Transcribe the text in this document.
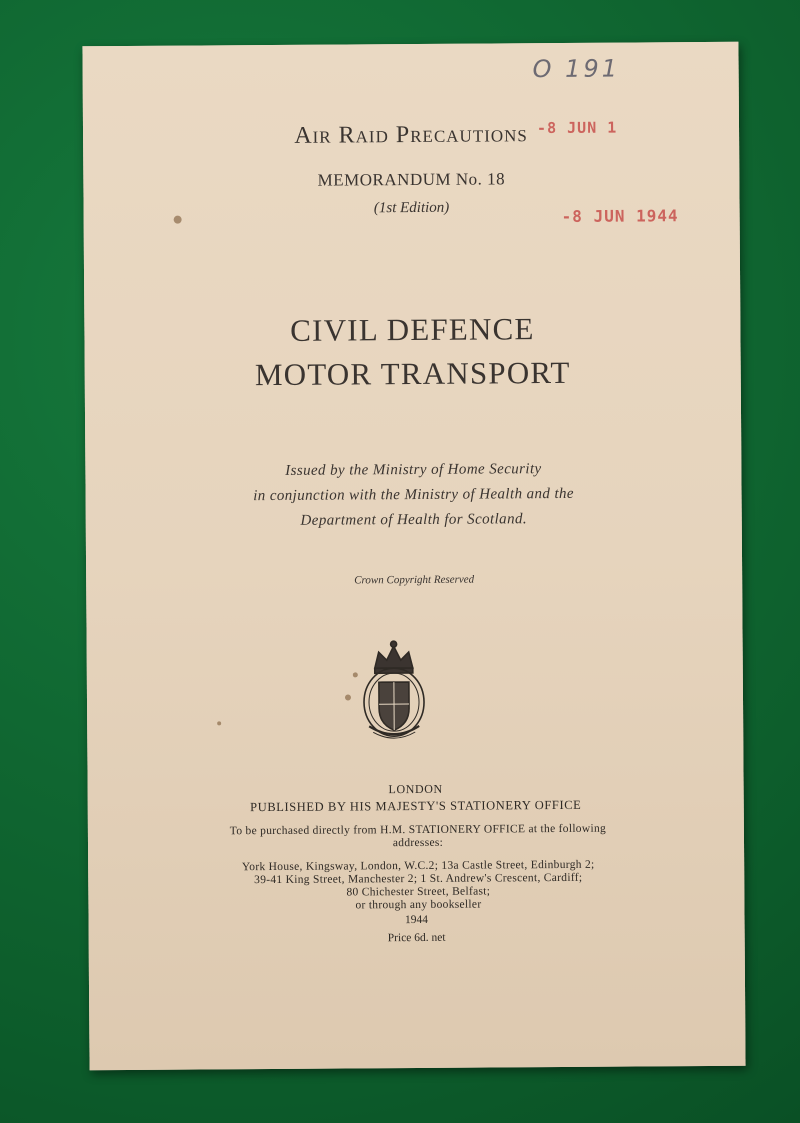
O 191
-8 JUN 1
-8 JUN 1944
Air Raid Precautions
MEMORANDUM No. 18
(1st Edition)
CIVIL DEFENCE
MOTOR TRANSPORT
Issued by the Ministry of Home Security
in conjunction with the Ministry of Health and the
Department of Health for Scotland.
Crown Copyright Reserved
LONDON
PUBLISHED BY HIS MAJESTY'S STATIONERY OFFICE
To be purchased directly from H.M. STATIONERY OFFICE at the following
addresses:
York House, Kingsway, London, W.C.2; 13a Castle Street, Edinburgh 2;
39-41 King Street, Manchester 2; 1 St. Andrew's Crescent, Cardiff;
80 Chichester Street, Belfast;
or through any bookseller
1944
Price 6d. net
